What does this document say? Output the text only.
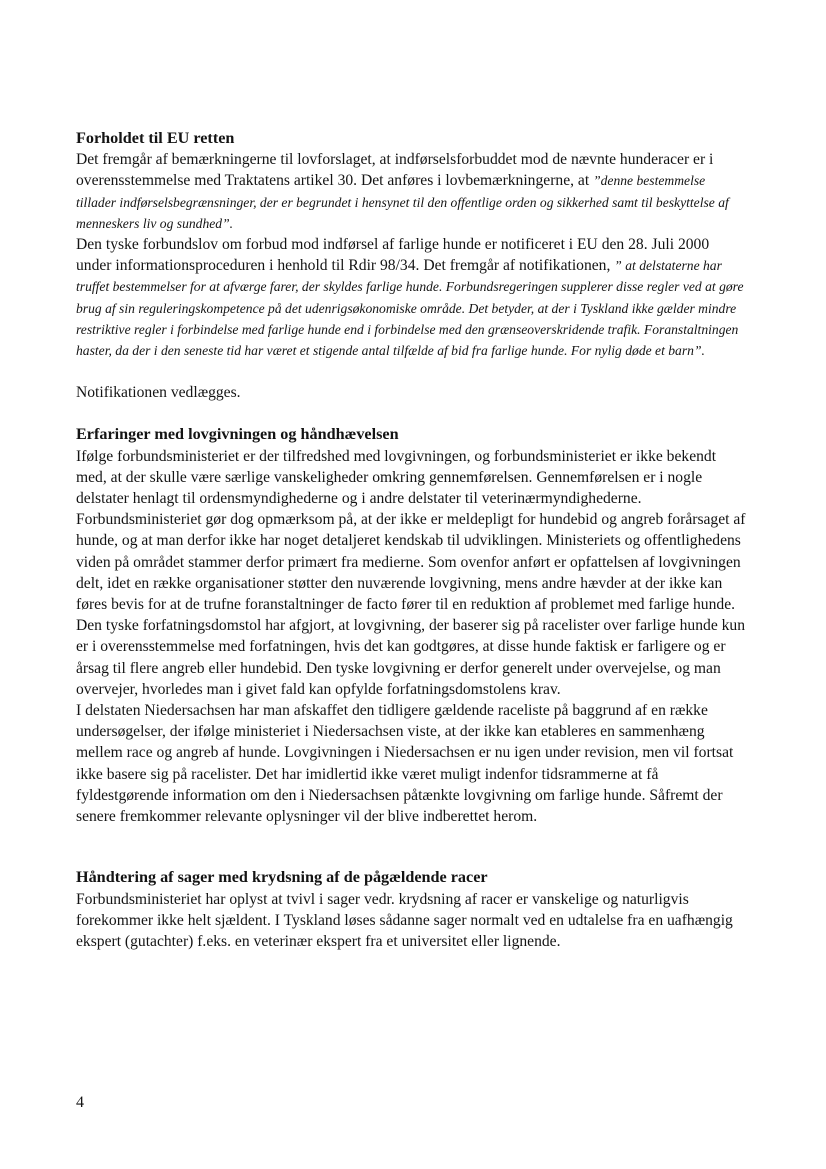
Forholdet til EU retten

Det fremgår af bemærkningerne til lovforslaget, at indførselsforbuddet mod de nævnte hunderacer er i overensstemmelse med Traktatens artikel 30. Det anføres i lovbemærkningerne, at ”denne bestemmelse tillader indførselsbegrænsninger, der er begrundet i hensynet til den offentlige orden og sikkerhed samt til beskyttelse af menneskers liv og sundhed”.

Den tyske forbundslov om forbud mod indførsel af farlige hunde er notificeret i EU den 28. Juli 2000 under informationsproceduren i henhold til Rdir 98/34. Det fremgår af notifikationen, ” at delstaterne har truffet bestemmelser for at afværge farer, der skyldes farlige hunde. Forbundsregeringen supplerer disse regler ved at gøre brug af sin reguleringskompetence på det udenrigsøkonomiske område. Det betyder, at der i Tyskland ikke gælder mindre restriktive regler i forbindelse med farlige hunde end i forbindelse med den grænseoverskridende trafik. Foranstaltningen haster, da der i den seneste tid har været et stigende antal tilfælde af bid fra farlige hunde. For nylig døde et barn”.

Notifikationen vedlægges.

Erfaringer med lovgivningen og håndhævelsen

Ifølge forbundsministeriet er der tilfredshed med lovgivningen, og forbundsministeriet er ikke bekendt med, at der skulle være særlige vanskeligheder omkring gennemførelsen. Gennemførelsen er i nogle delstater henlagt til ordensmyndighederne og i andre delstater til veterinærmyndighederne. Forbundsministeriet gør dog opmærksom på, at der ikke er meldepligt for hundebid og angreb forårsaget af hunde, og at man derfor ikke har noget detaljeret kendskab til udviklingen. Ministeriets og offentlighedens viden på området stammer derfor primært fra medierne. Som ovenfor anført er opfattelsen af lovgivningen delt, idet en række organisationer støtter den nuværende lovgivning, mens andre hævder at der ikke kan føres bevis for at de trufne foranstaltninger de facto fører til en reduktion af problemet med farlige hunde.

Den tyske forfatningsdomstol har afgjort, at lovgivning, der baserer sig på racelister over farlige hunde kun er i overensstemmelse med forfatningen, hvis det kan godtgøres, at disse hunde faktisk er farligere og er årsag til flere angreb eller hundebid. Den tyske lovgivning er derfor generelt under overvejelse, og man overvejer, hvorledes man i givet fald kan opfylde forfatningsdomstolens krav.

I delstaten Niedersachsen har man afskaffet den tidligere gældende raceliste på baggrund af en række undersøgelser, der ifølge ministeriet i Niedersachsen viste, at der ikke kan etableres en sammenhæng mellem race og angreb af hunde. Lovgivningen i Niedersachsen er nu igen under revision, men vil fortsat ikke basere sig på racelister. Det har imidlertid ikke været muligt indenfor tidsrammerne at få fyldestgørende information om den i Niedersachsen påtænkte lovgivning om farlige hunde. Såfremt der senere fremkommer relevante oplysninger vil der blive indberettet herom.

Håndtering af sager med krydsning af de pågældende racer

Forbundsministeriet har oplyst at tvivl i sager vedr. krydsning af racer er vanskelige og naturligvis forekommer ikke helt sjældent. I Tyskland løses sådanne sager normalt ved en udtalelse fra en uafhængig ekspert (gutachter) f.eks. en veterinær ekspert fra et universitet eller lignende.

4
